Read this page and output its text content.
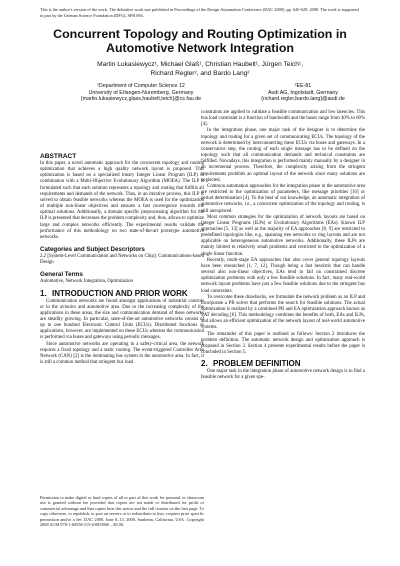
This is the author's version of the work. The definitive work was published in Proceedings of the Design Automation Conference (DAC 2008), pp. 626-629, 2008. The work is supported in part by the German Science Foundation (DFG), SFB 694.
Concurrent Topology and Routing Optimization in Automotive Network Integration
Martin Lukasiewycz¹, Michael Glaß¹, Christian Haubelt¹, Jürgen Teich¹,
Richard Regler², and Bardo Lang²
¹Department of Computer Science 12
University of Erlangen-Nuremberg, Germany
{martin.lukasiewycz,glass,haubelt,teich}@cs.fau.de
²EE-81
Audi AG, Ingolstadt, Germany
{richard.regler,bardo.lang}@audi.de
ABSTRACT

In this paper, a novel automatic approach for the concurrent topology and routing optimization that achieves a high quality network layout is proposed. This optimization is based on a specialized binary Integer Linear Program (ILP) in combination with a Multi-Objective Evolutionary Algorithm (MOEA). The ILP is formulated such that each solution represents a topology and routing that fulfills all requirements and demands of the network. Thus, in an iterative process, this ILP is solved to obtain feasible networks whereas the MOEA is used for the optimization of multiple non-linear objectives and ensures a fast convergence towards the optimal solutions. Additionally, a domain specific preprocessing algorithm for the ILP is presented that decreases the problem complexity and, thus, allows to optimize large and complex networks efficiently. The experimental results validate the performance of this methodology on two state-of-the-art prototype automotive networks.

Categories and Subject Descriptors

2.2 [System-Level Communication and Networks on Chip]: Communications-based Design

General Terms

Automotive, Network Integration, Optimization

1. INTRODUCTION AND PRIOR WORK

Communication networks are found amongst applications of industrial controls or in the avionics and automotive area. Due to the increasing complexity of the applications in these areas, the size and communication demand of these networks are steadily growing. In particular, state-of-the-art automotive networks consist of up to one hundred Electronic Control Units (ECUs). Distributed functions or applications, however, are implemented on these ECUs whereas the communication is performed via buses and gateways using periodic messages.

Since automotive networks are operating in a safety-critical area, the network requires a fixed topology and a static routing. The event-triggered Controller Area Network (CAN) [2] is the dominating bus system in the automotive area. In fact, it is still a common method that stringent bus load

Permission to make digital or hard copies of all or part of this work for personal or classroom use is granted without fee provided that copies are not made or distributed for profit or commercial advantage and that copies bear this notice and the full citation on the first page. To copy otherwise, to republish, to post on servers or to redistribute to lists, requires prior specific permission and/or a fee. DAC 2008, June 8–13, 2008, Anaheim, California, USA. Copyright 2008 ACM 978-1-60558-115-6/08/0006 ...$5.00.

constraints are applied to validate a feasible communication and low latencies. This bus load constraint is a function of bandwidth and the buses range from 40% to 60% [4].

In the integration phase, one major task of the designer is to determine the topology and routing for a given set of communicating ECUs. The topology of the network is determined by interconnecting these ECUs via buses and gateways. In a conservative step, the routing of each single message has to be defined on the topology such that all communication demands and technical constraints are fulfilled. Nowadays, this integration is performed mainly manually by a designer in an incremental process. Therefore, the complexity arising from the stringent requirements prohibits an optimal layout of the network since many solutions are neglected.

Common automation approaches for the integration phase in the automotive area are restricted to the optimization of parameters, like message priorities [10] or period determination [4]. To the best of our knowledge, an automatic integration of automotive networks, i.e., a concurrent optimization of the topology and routing, is still unexplored.

Most common strategies for the optimization of network layouts are based on Integer Linear Programs (ILPs) or Evolutionary Algorithms (EAs). Known ILP approaches [5, 13] as well as the majority of EA approaches [8, 9] are restricted to predefined topologies like, e.g., spanning tree networks or ring layouts and are not applicable on heterogeneous automotive networks. Additionally, these ILPs are mainly limited to relatively small problems and restricted to the optimization of a single linear function.

Recently, multi-stage EA approaches that also cover general topology layouts have been researched [1, 7, 12]. Though being a fast heuristic that can handle several also non-linear objectives, EAs tend to fail on constrained discrete optimization problems with only a few feasible solutions. In fact, many real-world network layout problems have just a few feasible solutions due to the stringent bus load constraints.

To overcome these drawbacks, we formulate the network problem as an ILP and incorporate a PB solver that performs the search for feasible solutions. The actual optimization is realized by a combined PB and EA optimization approach known as SAT decoding [6]. This methodology combines the benefits of both, EAs and ILPs, and allows an efficient optimization of the network layout of real-world automotive systems.

The remainder of this paper is outlined as follows: Section 2 introduces the problem definition. The automatic network design and optimization approach is proposed in Section 3. Section 4 presents experimental results before the paper is concluded in Section 5.

2. PROBLEM DEFINITION

One major task in the integration phase of automotive network design is to find a feasible network for a given spe-
